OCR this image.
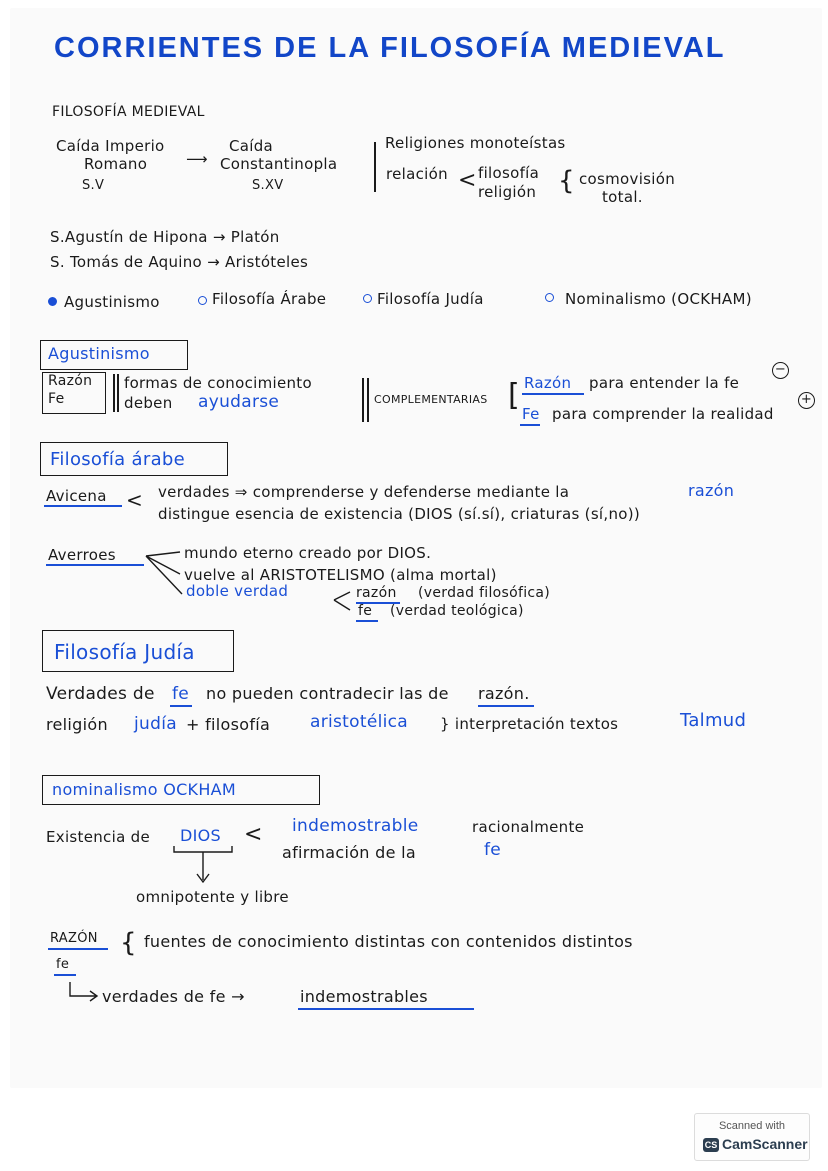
CORRIENTES DE LA FILOSOFÍA MEDIEVAL
FILOSOFÍA MEDIEVAL
Caída Imperio
Romano
S.V
⟶
Caída
Constantinopla
S.XV
Religiones monoteístas
relación < filosofía
religión { cosmovisión
total.
S.Agustín de Hipona → Platón
S. Tomás de Aquino → Aristóteles
Agustinismo	Filosofía Árabe	Filosofía Judía	Nominalismo (OCKHAM)
Agustinismo
Razón
Fe
formas de conocimiento
deben ayudarse	COMPLEMENTARIAS [ Razón para entender la fe
−
Fe para comprender la realidad
+
Filosofía árabe
Avicena < verdades ⇒ comprenderse y defenderse mediante la	razón
distingue esencia de existencia (DIOS (sí.sí), criaturas (sí,no))
Averroes	mundo eterno creado por DIOS.
vuelve al ARISTOTELISMO (alma mortal)
doble verdad	razón (verdad filosófica)
fe (verdad teológica)
Filosofía Judía
Verdades de fe no pueden contradecir las de razón.
religión judía + filosofía aristotélica } interpretación textos	Talmud
nominalismo OCKHAM
Existencia de DIOS < indemostrable	racionalmente
afirmación de la	fe
omnipotente y libre
RAZÓN
fe
{ fuentes de conocimiento distintas con contenidos distintos
verdades de fe →	indemostrables
Scanned with
CS CamScanner
